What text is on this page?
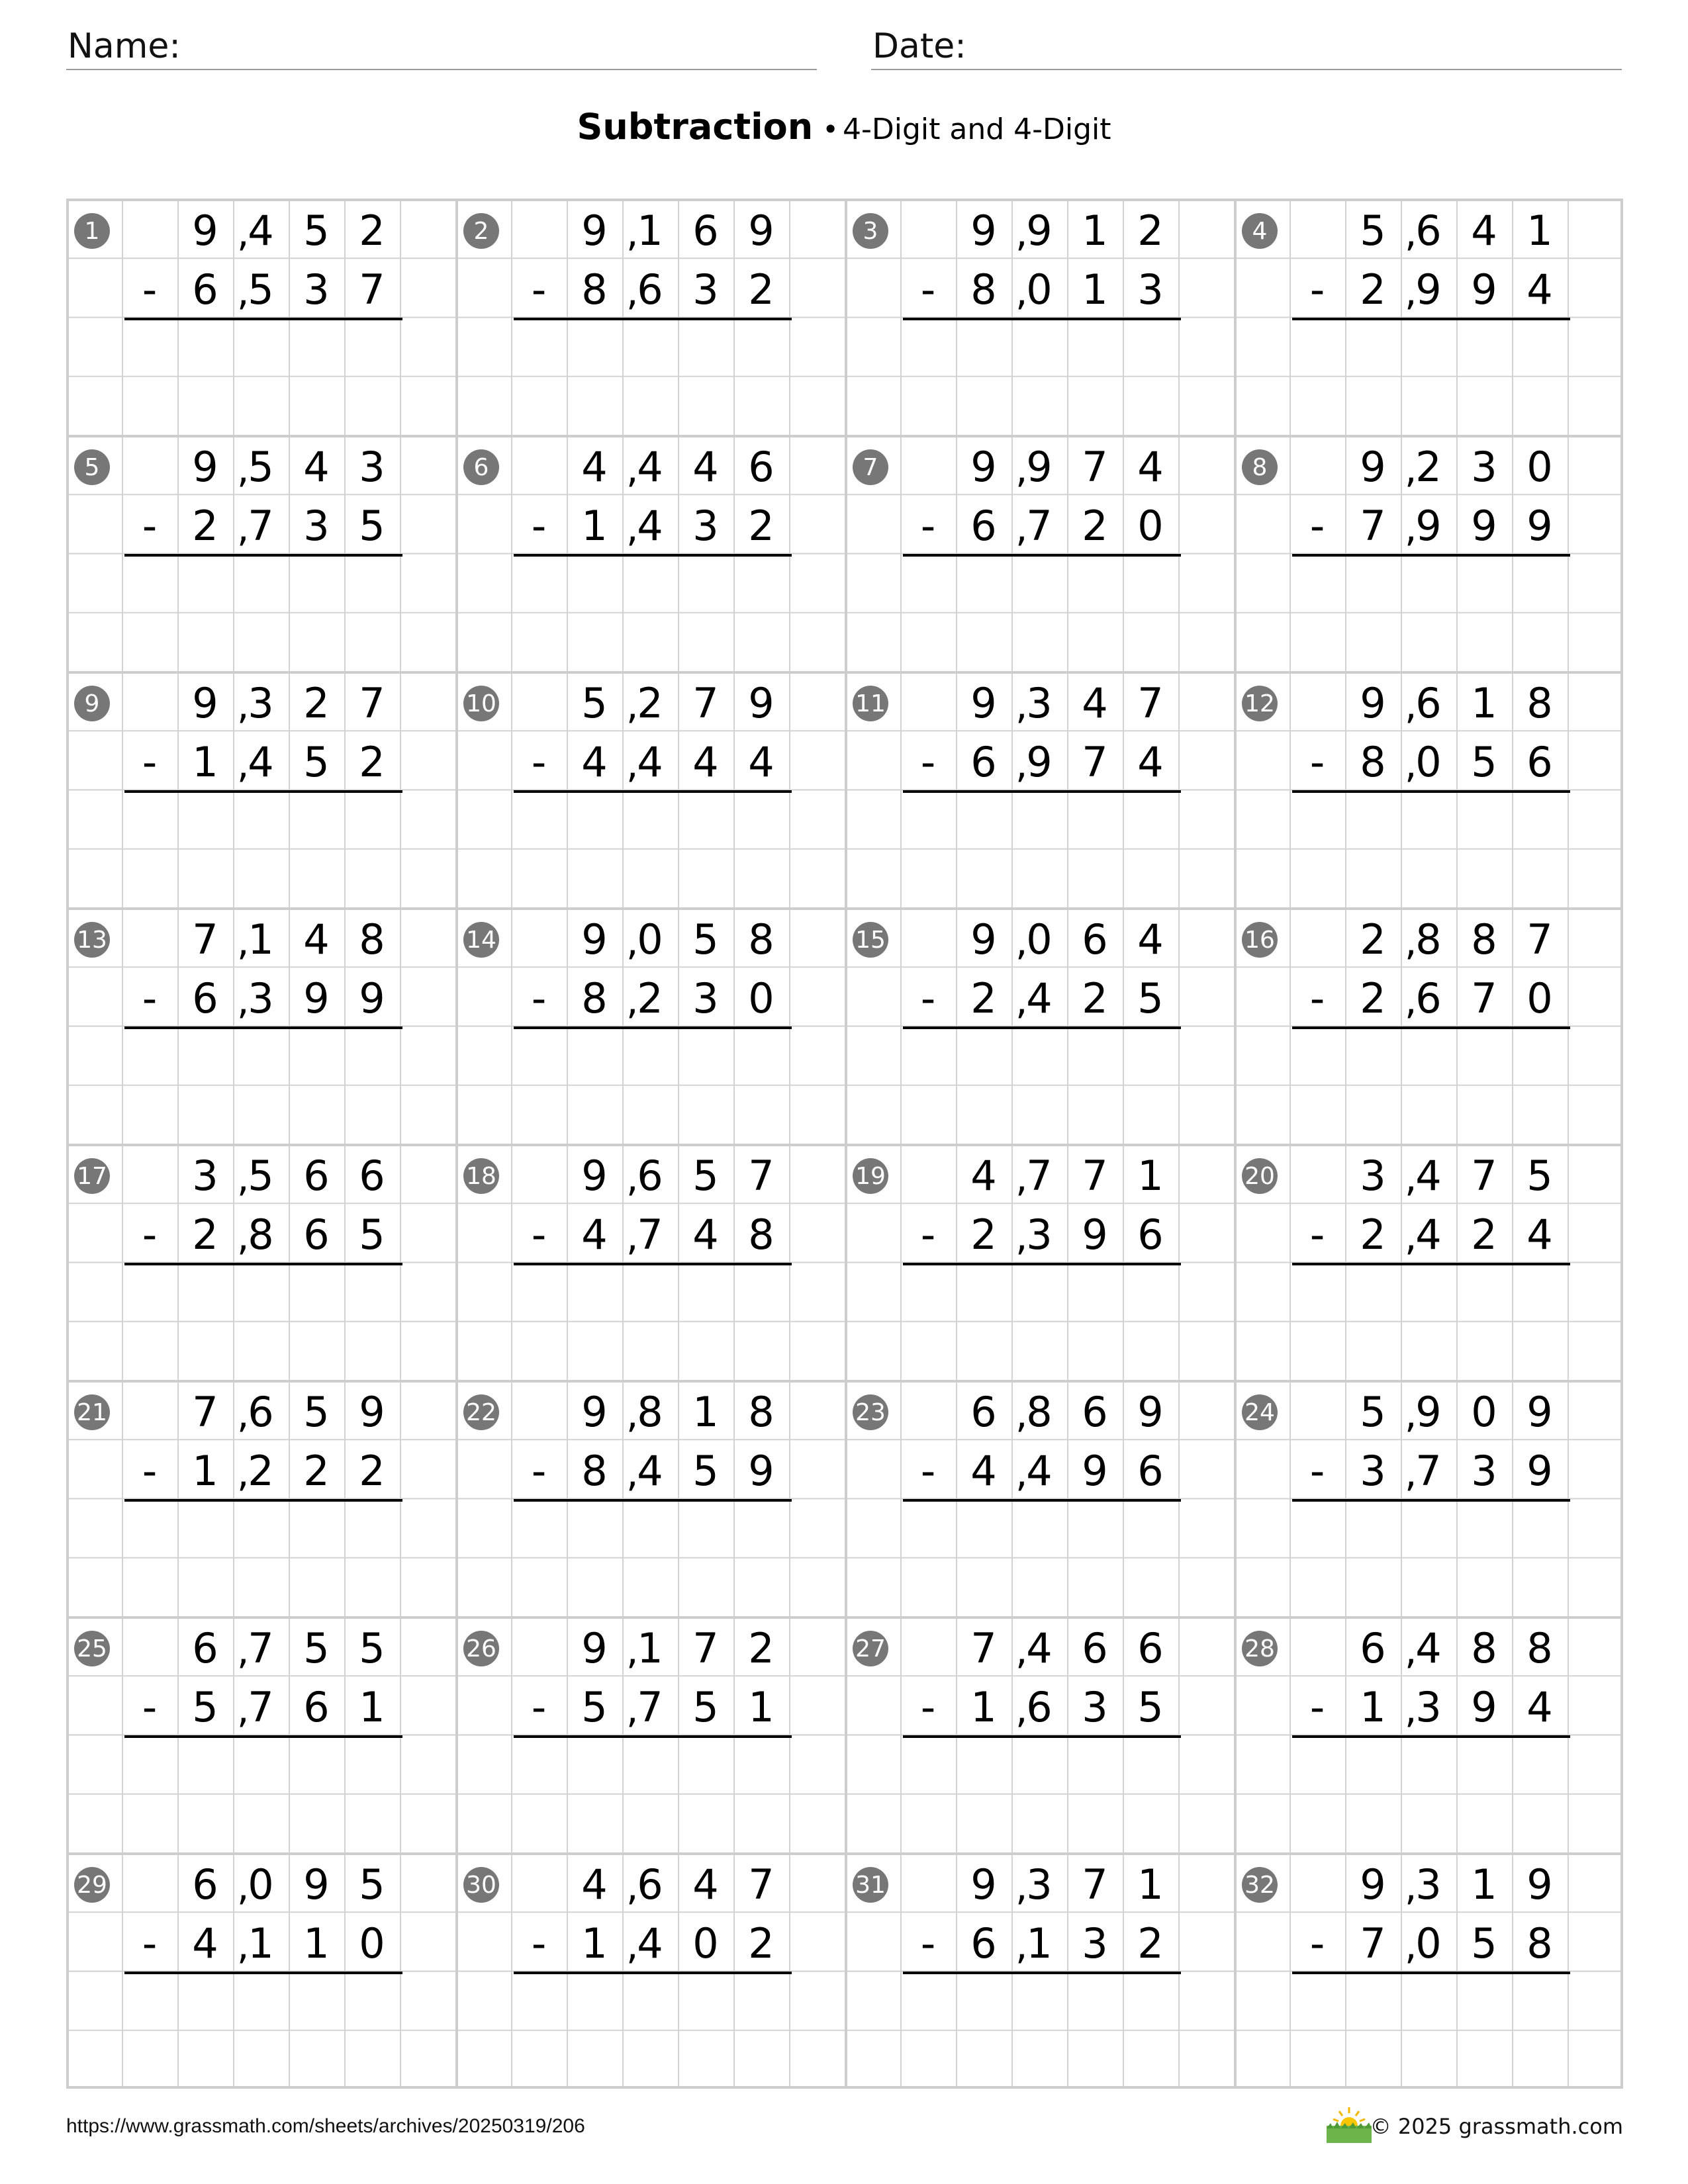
Name:	Date:
Subtraction • 4-Digit and 4-Digit
1 9 4
, 5 2
- 6 5
, 3 7
2 9 1
, 6 9
- 8 6
, 3 2
3 9 9
, 1 2
- 8 0
, 1 3
4 5 6
, 4 1
- 2 9
, 9 4
5 9 5
, 4 3
- 2 7
, 3 5
6 4 4
, 4 6
- 1 4
, 3 2
7 9 9
, 7 4
- 6 7
, 2 0
8 9 2
, 3 0
- 7 9
, 9 9
9 9 3
, 2 7
- 1 4
, 5 2
10 5 2
, 7 9
- 4 4
, 4 4
11 9 3
, 4 7
- 6 9
, 7 4
12 9 6
, 1 8
- 8 0
, 5 6
13 7 1
, 4 8
- 6 3
, 9 9
14 9 0
, 5 8
- 8 2
, 3 0
15 9 0
, 6 4
- 2 4
, 2 5
16 2 8
, 8 7
- 2 6
, 7 0
17 3 5
, 6 6
- 2 8
, 6 5
18 9 6
, 5 7
- 4 7
, 4 8
19 4 7
, 7 1
- 2 3
, 9 6
20 3 4
, 7 5
- 2 4
, 2 4
21 7 6
, 5 9
- 1 2
, 2 2
22 9 8
, 1 8
- 8 4
, 5 9
23 6 8
, 6 9
- 4 4
, 9 6
24 5 9
, 0 9
- 3 7
, 3 9
25 6 7
, 5 5
- 5 7
, 6 1
26 9 1
, 7 2
- 5 7
, 5 1
27 7 4
, 6 6
- 1 6
, 3 5
28 6 4
, 8 8
- 1 3
, 9 4
29 6 0
, 9 5
- 4 1
, 1 0
30 4 6
, 4 7
- 1 4
, 0 2
31 9 3
, 7 1
- 6 1
, 3 2
32 9 3
, 1 9
- 7 0
, 5 8
https://www.grassmath.com/sheets/archives/20250319/206	© 2025 grassmath.com
